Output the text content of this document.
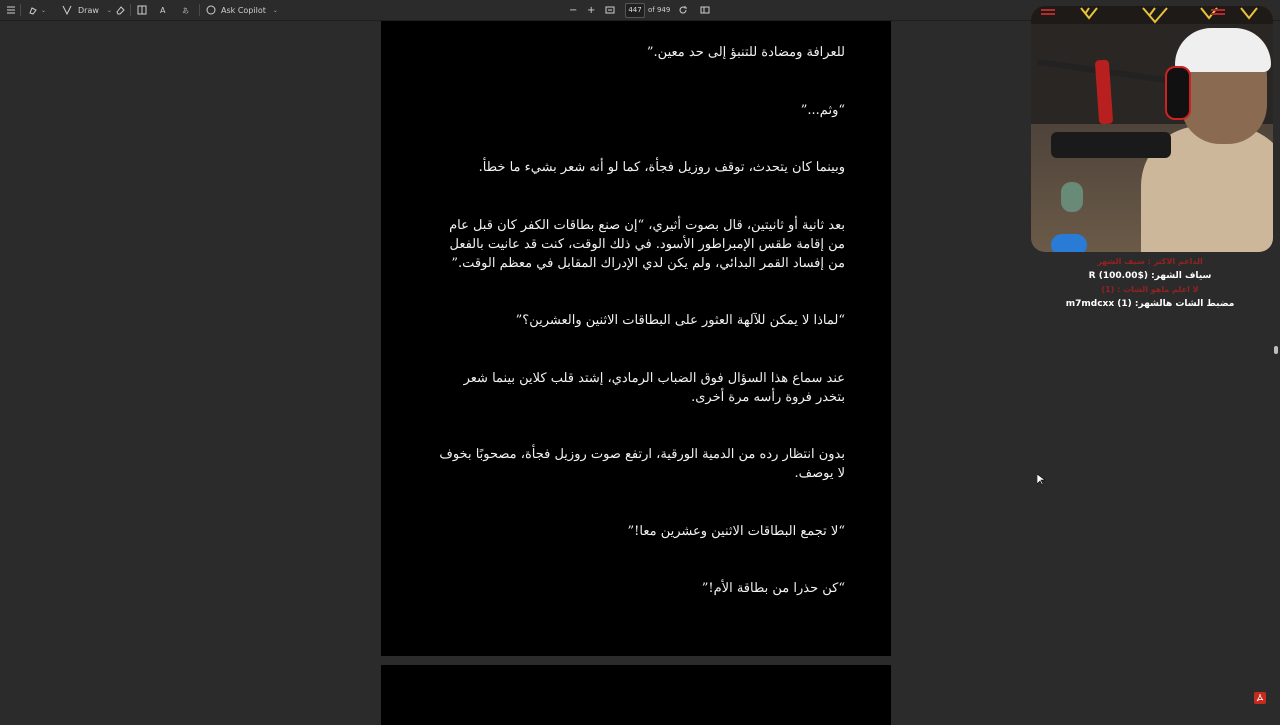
⌄	Draw ⌄	A あ	Ask Copilot ⌄	− +	447 of 949
للعرافة ومضادة للتنبؤ إلى حد معين.”
“وثم...”
وبينما كان يتحدث، توقف روزيل فجأة، كما لو أنه شعر بشيء ما خطأ.
بعد ثانية أو ثانيتين، قال بصوت أثيري، “إن صنع بطاقات الكفر كان قبل عام من إقامة طقس الإمبراطور الأسود. في ذلك الوقت، كنت قد عانيت بالفعل من إفساد القمر البدائي، ولم يكن لدي الإدراك المقابل في معظم الوقت.”
“لماذا لا يمكن للآلهة العثور على البطاقات الاثنين والعشرين؟”
عند سماع هذا السؤال فوق الضباب الرمادي، إشتد قلب كلاين بينما شعر بتخدر فروة رأسه مرة أخرى.
بدون انتظار رده من الدمية الورقية، ارتفع صوت روزيل فجأة، مصحوبًا بخوف لا يوصف.
“لا تجمع البطاقات الاثنين وعشرين معا!”
“كن حذرا من بطاقة الأم!”
الداعم الاكثر : سيف الشهر
سياف الشهر: ($100.00) R
لا اعلم ماهو الشات : (1)
مضبط الشات هالشهر: (1) m7mdcxx
